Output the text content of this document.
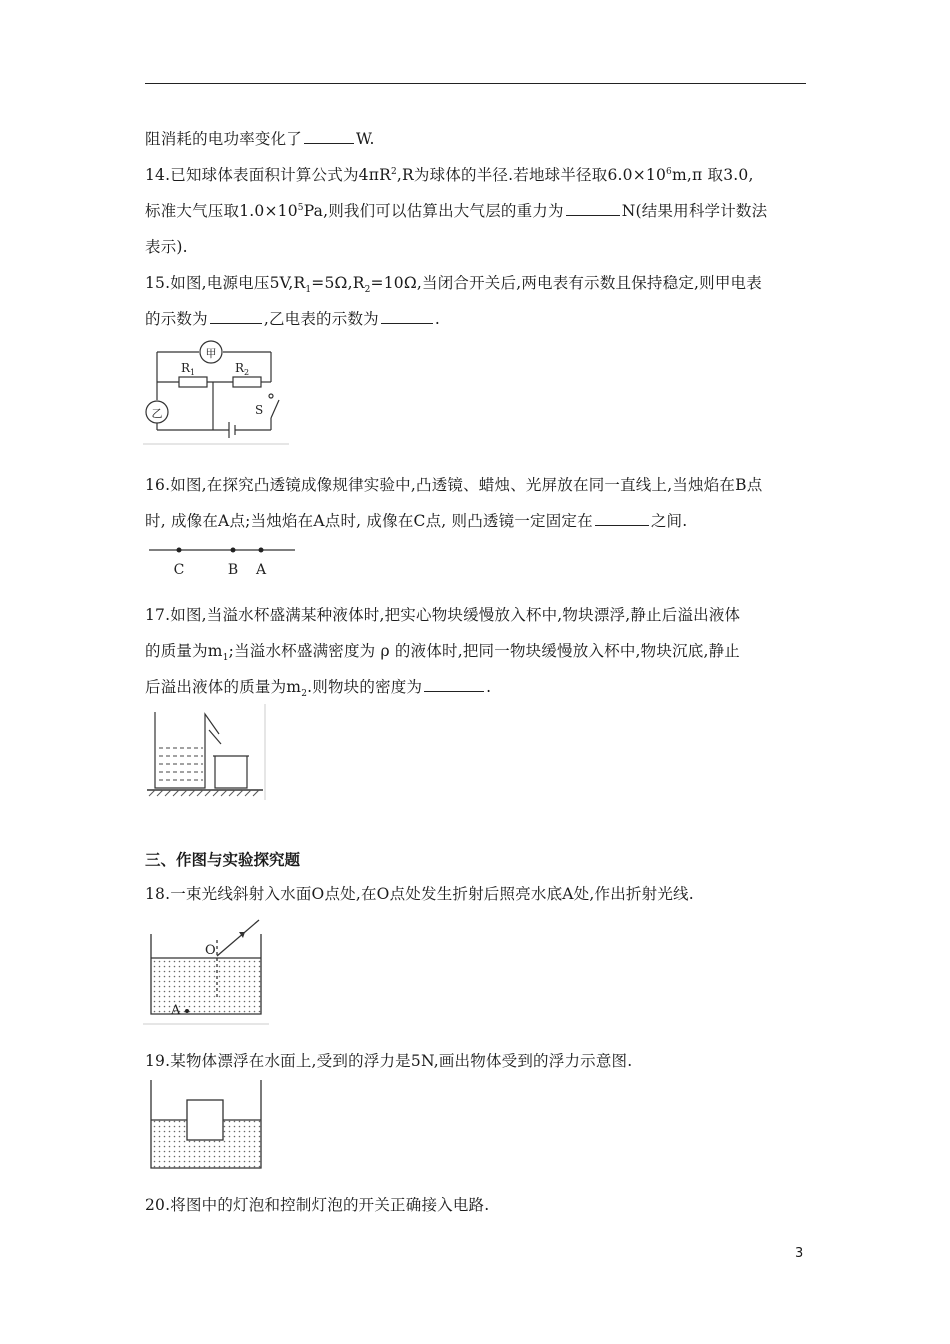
阻消耗的电功率变化了	W.
14.已知球体表面积计算公式为$4\pi R^2,R$为球体的半径.若地球半径取$6.0\times 10^6m,\pi$ 取3.0,
标准大气压取$1.0\times 10^5Pa$,则我们可以估算出大气层的重力为	N(结果用科学计数法
表示).
15.如图,电源电压$5V,R_1=5\Omega,R_2=10\Omega$,当闭合开关后,两电表有示数且保持稳定,则甲电表
的示数为	,乙电表的示数为	.
甲
乙
$R_1$	$R_2$
S
16.如图,在探究凸透镜成像规律实验中,凸透镜、蜡烛、光屏放在同一直线上,当烛焰在B点
时, 成像在A点;当烛焰在A点时, 成像在C点, 则凸透镜一定固定在	之间.
C	B A
17.如图,当溢水杯盛满某种液体时,把实心物块缓慢放入杯中,物块漂浮,静止后溢出液体
的质量为$m_1$;当溢水杯盛满密度为 ρ 的液体时,把同一物块缓慢放入杯中,物块沉底,静止
后溢出液体的质量为$m_2$.则物块的密度为	.
三、作图与实验探究题
18.一束光线斜射入水面O点处,在O点处发生折射后照亮水底A处,作出折射光线.
O
A
19.某物体漂浮在水面上,受到的浮力是5N,画出物体受到的浮力示意图.
20.将图中的灯泡和控制灯泡的开关正确接入电路.
3
